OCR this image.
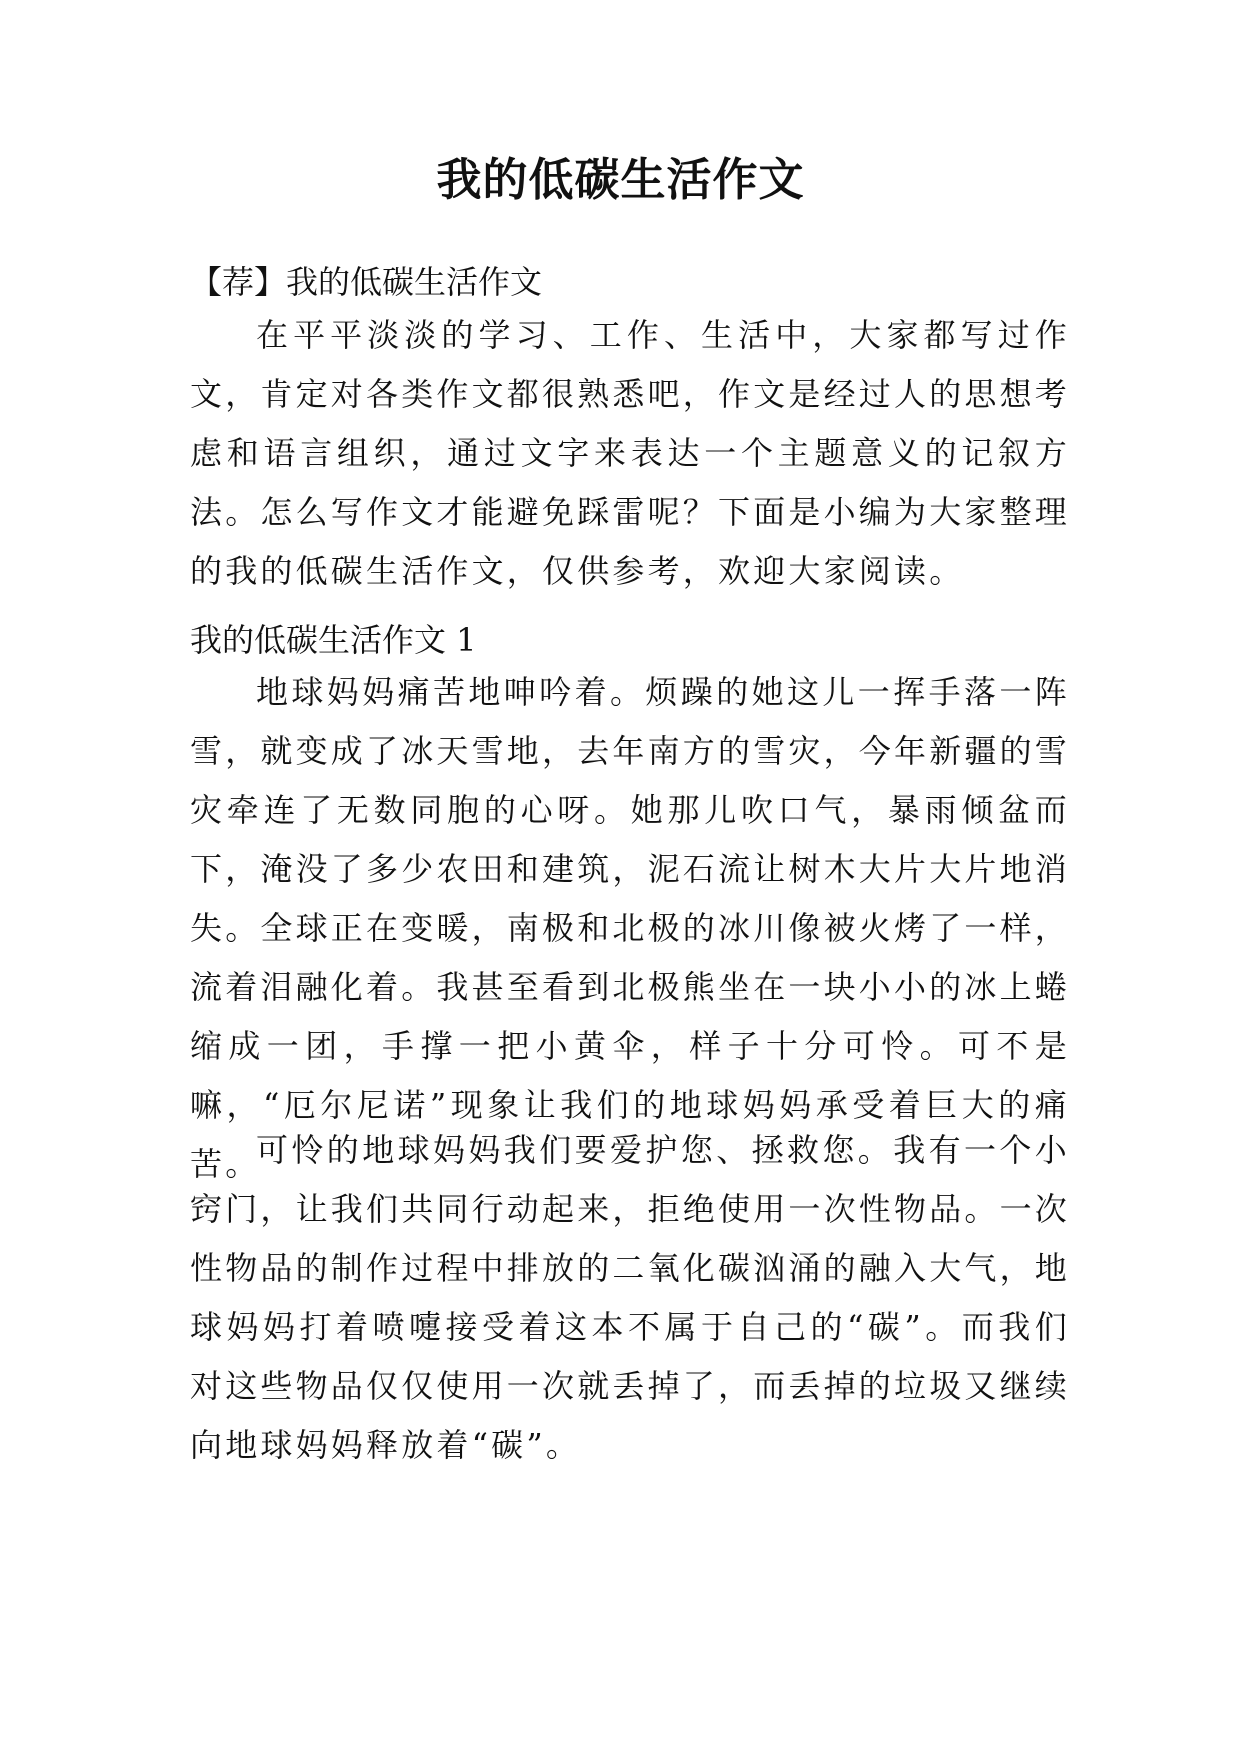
我的低碳生活作文

【荐】我的低碳生活作文

在平平淡淡的学习、工作、生活中，大家都写过作文，肯定对各类作文都很熟悉吧，作文是经过人的思想考虑和语言组织，通过文字来表达一个主题意义的记叙方法。怎么写作文才能避免踩雷呢？下面是小编为大家整理的我的低碳生活作文，仅供参考，欢迎大家阅读。

我的低碳生活作文 1

地球妈妈痛苦地呻吟着。烦躁的她这儿一挥手落一阵雪，就变成了冰天雪地，去年南方的雪灾，今年新疆的雪灾牵连了无数同胞的心呀。她那儿吹口气，暴雨倾盆而下，淹没了多少农田和建筑，泥石流让树木大片大片地消失。全球正在变暖，南极和北极的冰川像被火烤了一样，流着泪融化着。我甚至看到北极熊坐在一块小小的冰上蜷缩成一团，手撑一把小黄伞，样子十分可怜。可不是嘛，“厄尔尼诺”现象让我们的地球妈妈承受着巨大的痛苦。

可怜的地球妈妈我们要爱护您、拯救您。我有一个小窍门，让我们共同行动起来，拒绝使用一次性物品。一次性物品的制作过程中排放的二氧化碳汹涌的融入大气，地球妈妈打着喷嚏接受着这本不属于自己的“碳”。而我们对这些物品仅仅使用一次就丢掉了，而丢掉的垃圾又继续向地球妈妈释放着“碳”。
